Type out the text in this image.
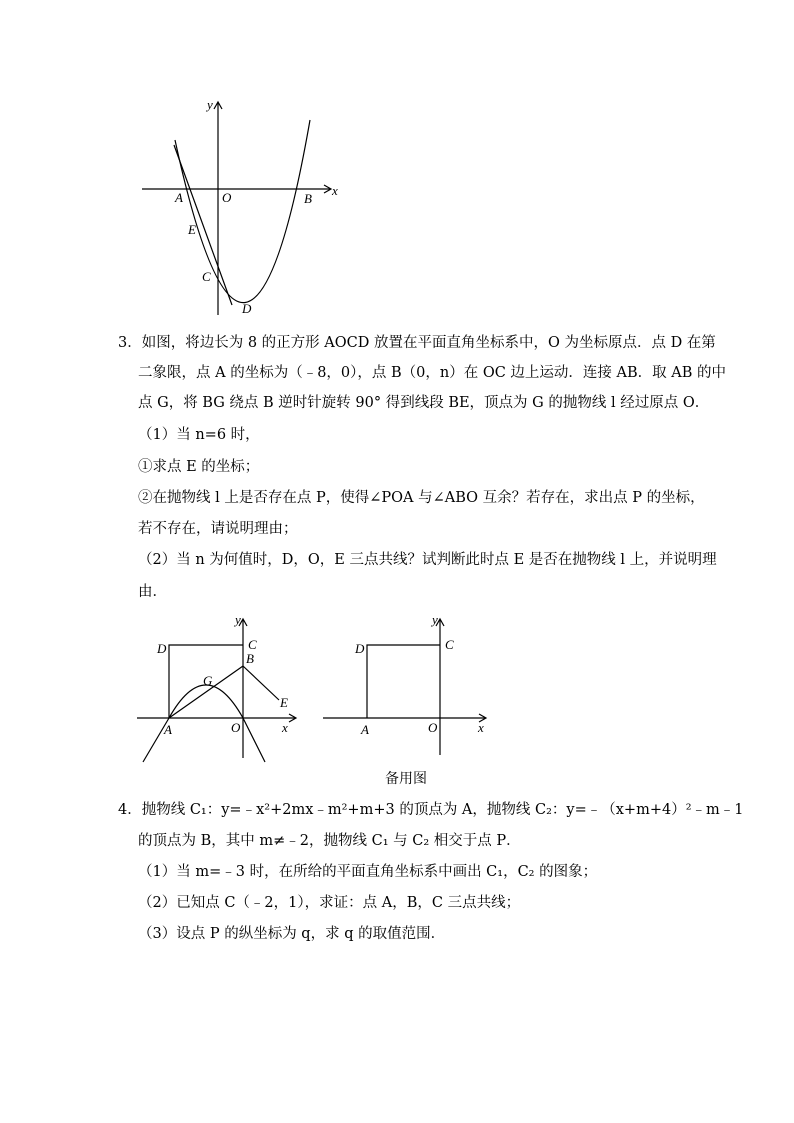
y
x
A	O	B
E
C
D
3．如图，将边长为 8 的正方形 AOCD 放置在平面直角坐标系中，O 为坐标原点．点 D 在第
二象限，点 A 的坐标为（﹣8，0），点 B（0，n）在 OC 边上运动．连接 AB．取 AB 的中
点 G，将 BG 绕点 B 逆时针旋转 90° 得到线段 BE，顶点为 G 的抛物线 l 经过原点 O．
（1）当 n=6 时，
①求点 E 的坐标；
②在抛物线 l 上是否存在点 P，使得∠POA 与∠ABO 互余？若存在，求出点 P 的坐标，
若不存在，请说明理由；
（2）当 n 为何值时，D，O，E 三点共线？试判断此时点 E 是否在抛物线 l 上，并说明理
由．
y
x
D	C
B
G
E
A	O
y
x
D	C
A	O
备用图
4．抛物线 C₁：y=﹣x²+2mx﹣m²+m+3 的顶点为 A，抛物线 C₂：y=﹣（x+m+4）²﹣m﹣1
的顶点为 B，其中 m≠﹣2，抛物线 C₁ 与 C₂ 相交于点 P．
（1）当 m=﹣3 时，在所给的平面直角坐标系中画出 C₁，C₂ 的图象；
（2）已知点 C（﹣2，1），求证：点 A，B，C 三点共线；
（3）设点 P 的纵坐标为 q，求 q 的取值范围．
